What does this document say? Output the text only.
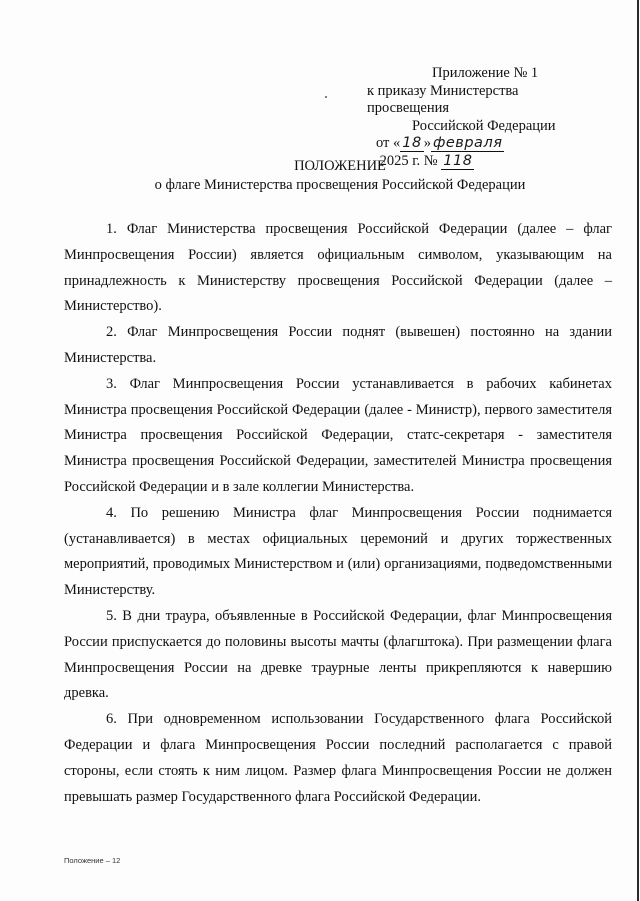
Приложение № 1
к приказу Министерства просвещения
Российской Федерации
от « 18 » февраля 2025 г. № 118
ПОЛОЖЕНИЕ
о флаге Министерства просвещения Российской Федерации

1. Флаг Министерства просвещения Российской Федерации (далее – флаг Минпросвещения России) является официальным символом, указывающим на принадлежность к Министерству просвещения Российской Федерации (далее – Министерство).

2. Флаг Минпросвещения России поднят (вывешен) постоянно на здании Министерства.

3. Флаг Минпросвещения России устанавливается в рабочих кабинетах Министра просвещения Российской Федерации (далее - Министр), первого заместителя Министра просвещения Российской Федерации, статс-секретаря - заместителя Министра просвещения Российской Федерации, заместителей Министра просвещения Российской Федерации и в зале коллегии Министерства.

4. По решению Министра флаг Минпросвещения России поднимается (устанавливается) в местах официальных церемоний и других торжественных мероприятий, проводимых Министерством и (или) организациями, подведомственными Министерству.

5. В дни траура, объявленные в Российской Федерации, флаг Минпросвещения России приспускается до половины высоты мачты (флагштока). При размещении флага Минпросвещения России на древке траурные ленты прикрепляются к навершию древка.

6. При одновременном использовании Государственного флага Российской Федерации и флага Минпросвещения России последний располагается с правой стороны, если стоять к ним лицом. Размер флага Минпросвещения России не должен превышать размер Государственного флага Российской Федерации.

Положение – 12
